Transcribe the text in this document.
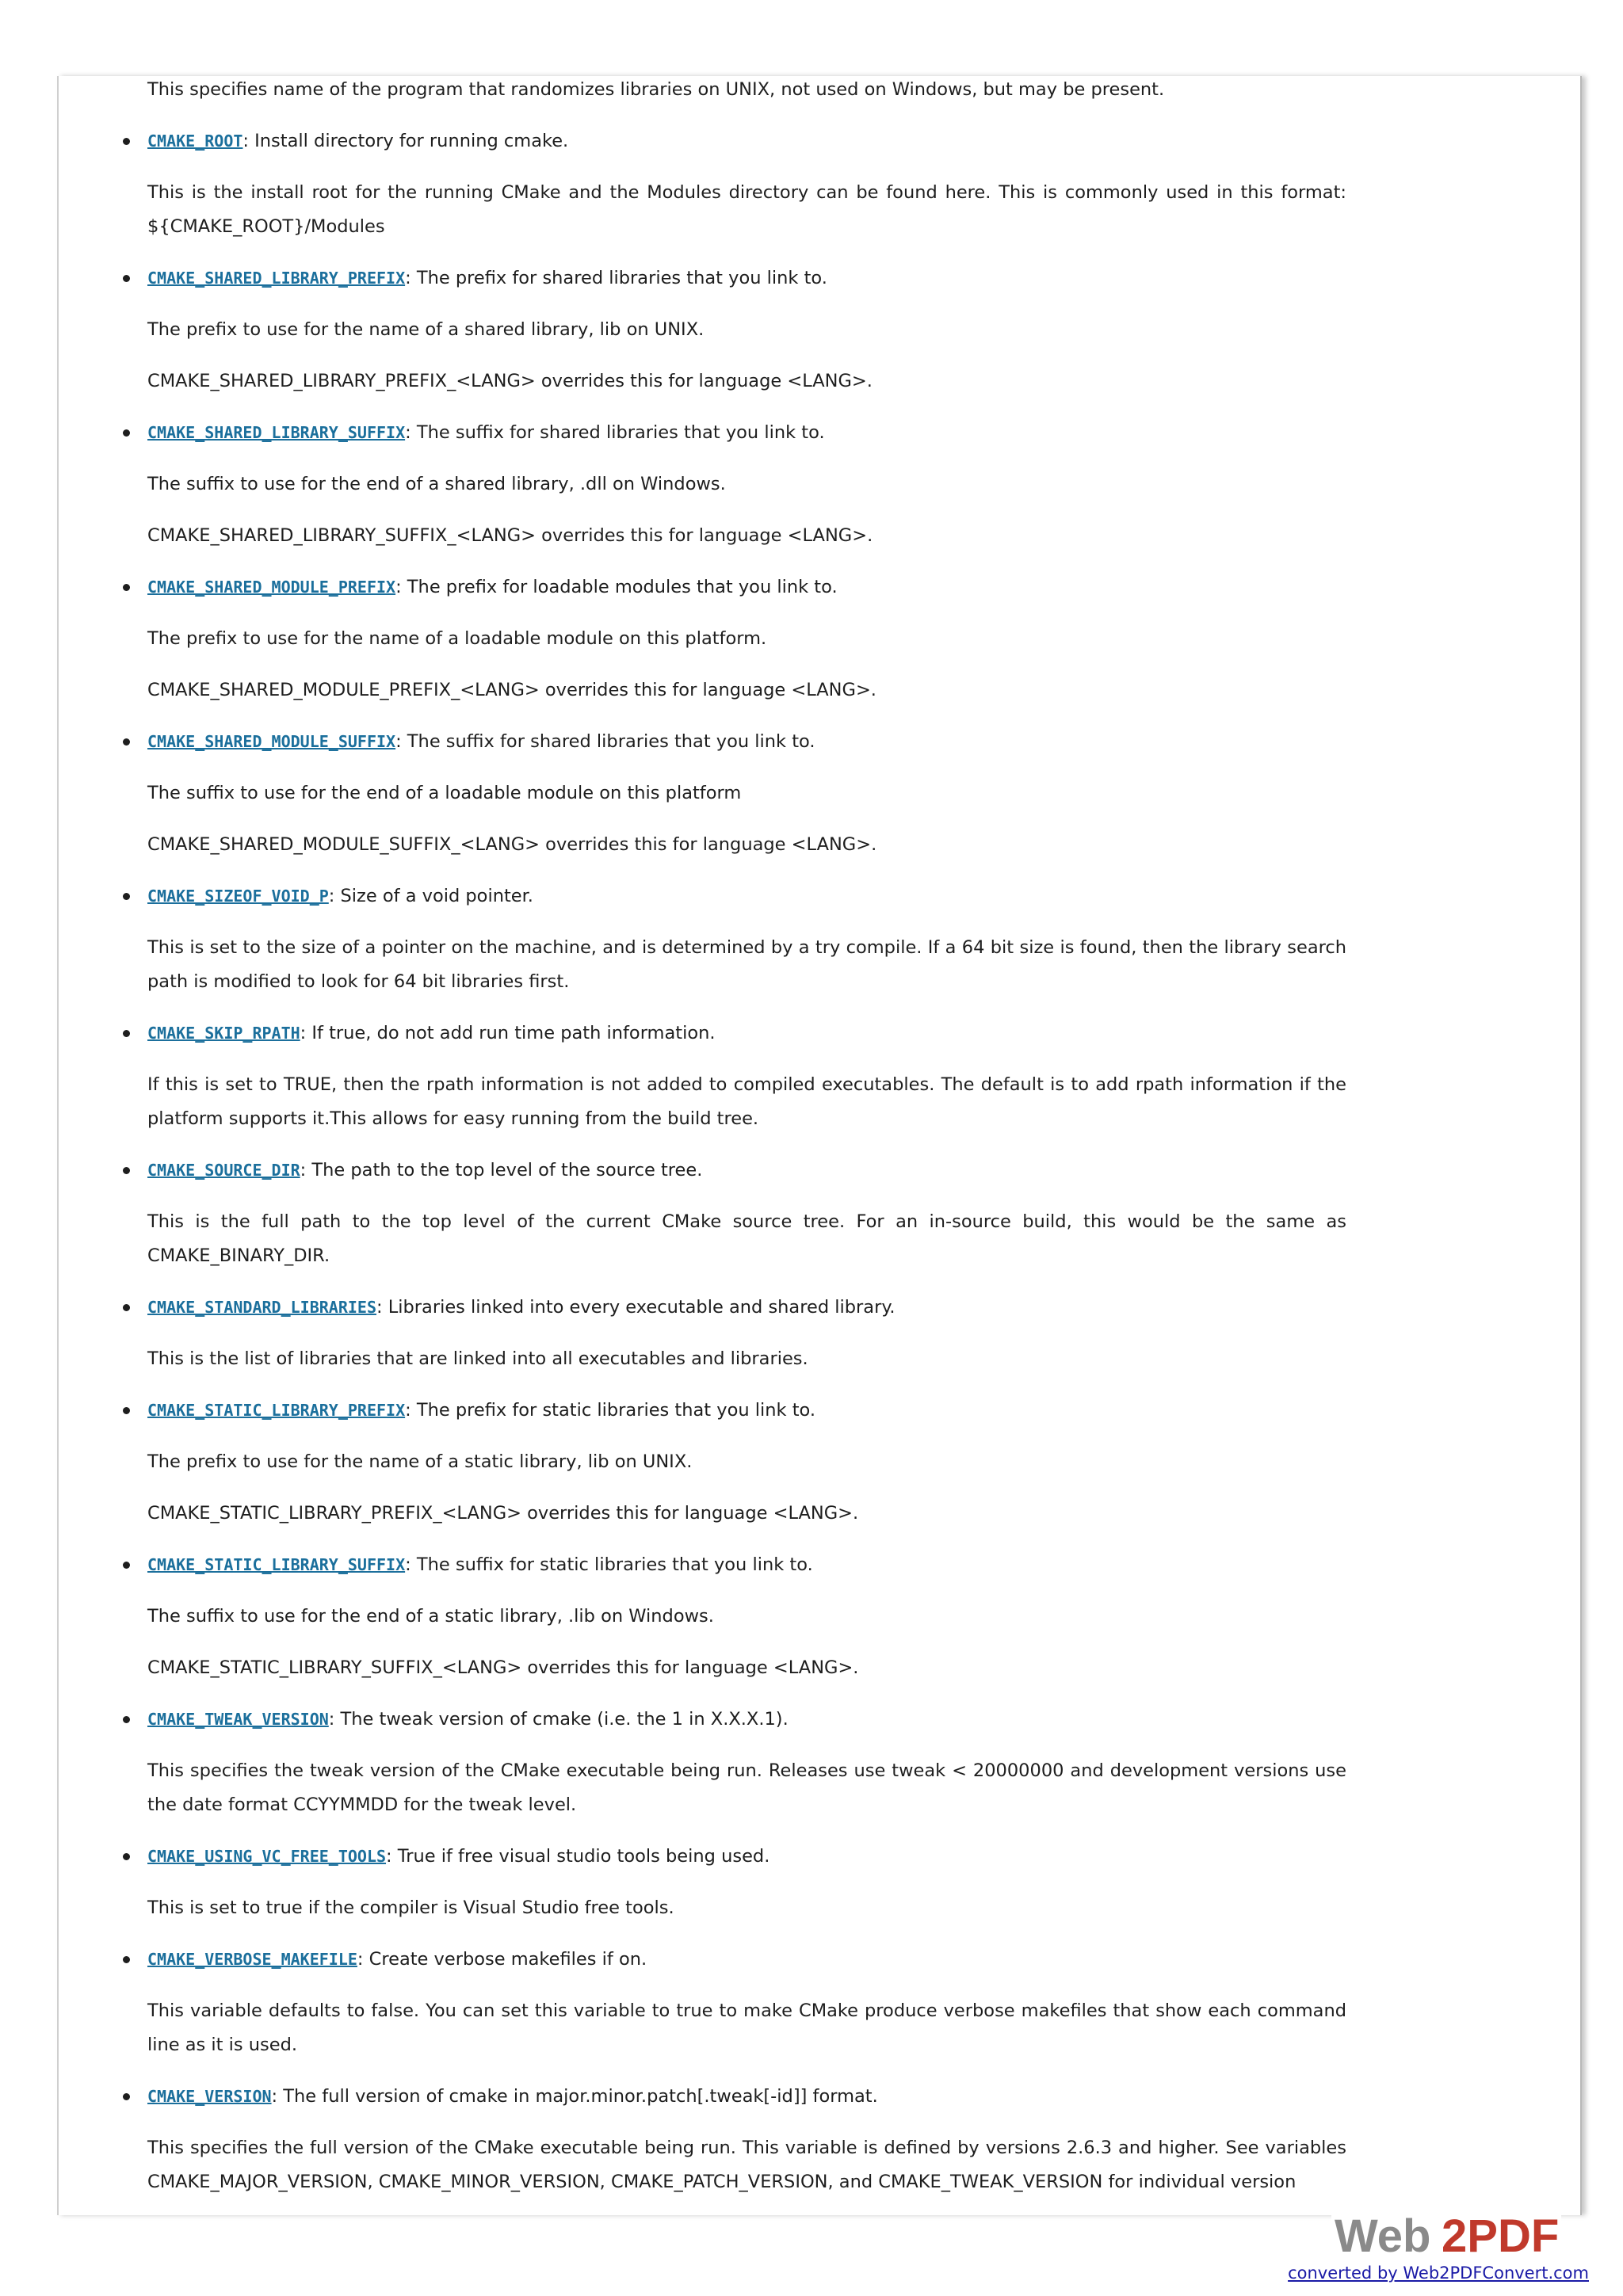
This specifies name of the program that randomizes libraries on UNIX, not used on Windows, but may be present.

CMAKE_ROOT: Install directory for running cmake.

This is the install root for the running CMake and the Modules directory can be found here. This is commonly used in this format: ${CMAKE_ROOT}/Modules

CMAKE_SHARED_LIBRARY_PREFIX: The prefix for shared libraries that you link to.

The prefix to use for the name of a shared library, lib on UNIX.

CMAKE_SHARED_LIBRARY_PREFIX_<LANG> overrides this for language <LANG>.

CMAKE_SHARED_LIBRARY_SUFFIX: The suffix for shared libraries that you link to.

The suffix to use for the end of a shared library, .dll on Windows.

CMAKE_SHARED_LIBRARY_SUFFIX_<LANG> overrides this for language <LANG>.

CMAKE_SHARED_MODULE_PREFIX: The prefix for loadable modules that you link to.

The prefix to use for the name of a loadable module on this platform.

CMAKE_SHARED_MODULE_PREFIX_<LANG> overrides this for language <LANG>.

CMAKE_SHARED_MODULE_SUFFIX: The suffix for shared libraries that you link to.

The suffix to use for the end of a loadable module on this platform

CMAKE_SHARED_MODULE_SUFFIX_<LANG> overrides this for language <LANG>.

CMAKE_SIZEOF_VOID_P: Size of a void pointer.

This is set to the size of a pointer on the machine, and is determined by a try compile. If a 64 bit size is found, then the library search path is modified to look for 64 bit libraries first.

CMAKE_SKIP_RPATH: If true, do not add run time path information.

If this is set to TRUE, then the rpath information is not added to compiled executables. The default is to add rpath information if the platform supports it.This allows for easy running from the build tree.

CMAKE_SOURCE_DIR: The path to the top level of the source tree.

This is the full path to the top level of the current CMake source tree. For an in-source build, this would be the same as CMAKE_BINARY_DIR.

CMAKE_STANDARD_LIBRARIES: Libraries linked into every executable and shared library.

This is the list of libraries that are linked into all executables and libraries.

CMAKE_STATIC_LIBRARY_PREFIX: The prefix for static libraries that you link to.

The prefix to use for the name of a static library, lib on UNIX.

CMAKE_STATIC_LIBRARY_PREFIX_<LANG> overrides this for language <LANG>.

CMAKE_STATIC_LIBRARY_SUFFIX: The suffix for static libraries that you link to.

The suffix to use for the end of a static library, .lib on Windows.

CMAKE_STATIC_LIBRARY_SUFFIX_<LANG> overrides this for language <LANG>.

CMAKE_TWEAK_VERSION: The tweak version of cmake (i.e. the 1 in X.X.X.1).

This specifies the tweak version of the CMake executable being run. Releases use tweak < 20000000 and development versions use the date format CCYYMMDD for the tweak level.

CMAKE_USING_VC_FREE_TOOLS: True if free visual studio tools being used.

This is set to true if the compiler is Visual Studio free tools.

CMAKE_VERBOSE_MAKEFILE: Create verbose makefiles if on.

This variable defaults to false. You can set this variable to true to make CMake produce verbose makefiles that show each command line as it is used.

CMAKE_VERSION: The full version of cmake in major.minor.patch[.tweak[-id]] format.

This specifies the full version of the CMake executable being run. This variable is defined by versions 2.6.3 and higher. See variables CMAKE_MAJOR_VERSION, CMAKE_MINOR_VERSION, CMAKE_PATCH_VERSION, and CMAKE_TWEAK_VERSION for individual version

Web 2PDF
converted by Web2PDFConvert.com
